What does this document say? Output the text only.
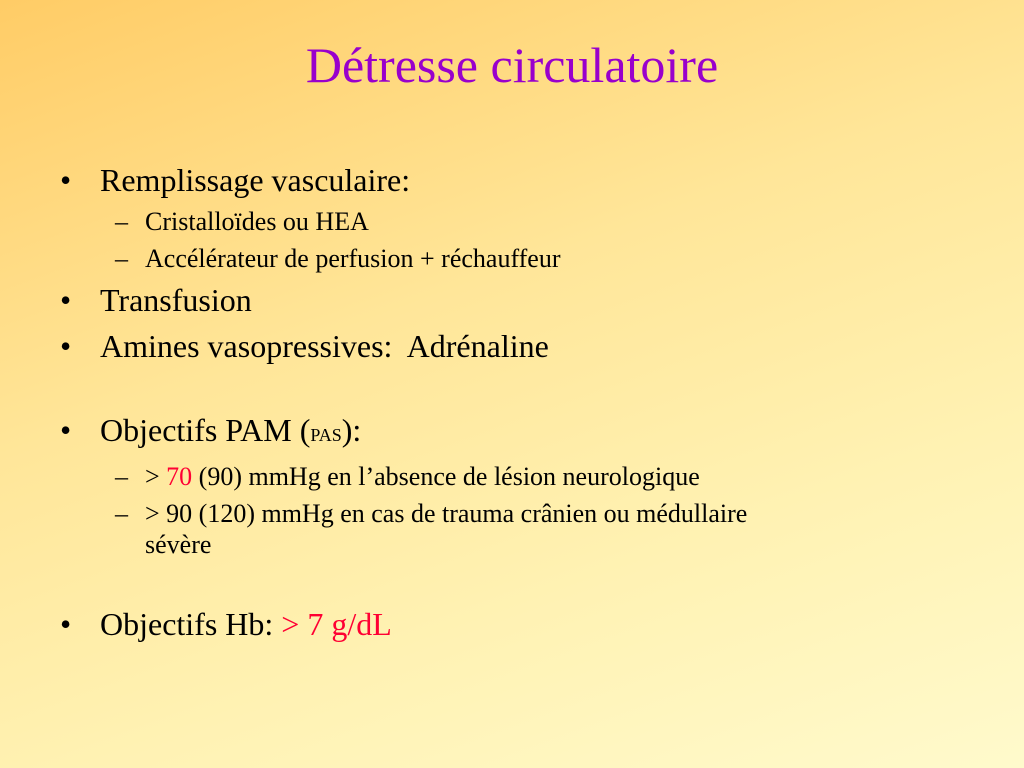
Détresse circulatoire
• Remplissage vasculaire:
– Cristalloïdes ou HEA
– Accélérateur de perfusion + réchauffeur
• Transfusion
• Amines vasopressives:  Adrénaline
• Objectifs PAM (PAS):
– > 70 (90) mmHg en l’absence de lésion neurologique
– > 90 (120) mmHg en cas de trauma crânien ou médullaire
sévère
• Objectifs Hb: > 7 g/dL
